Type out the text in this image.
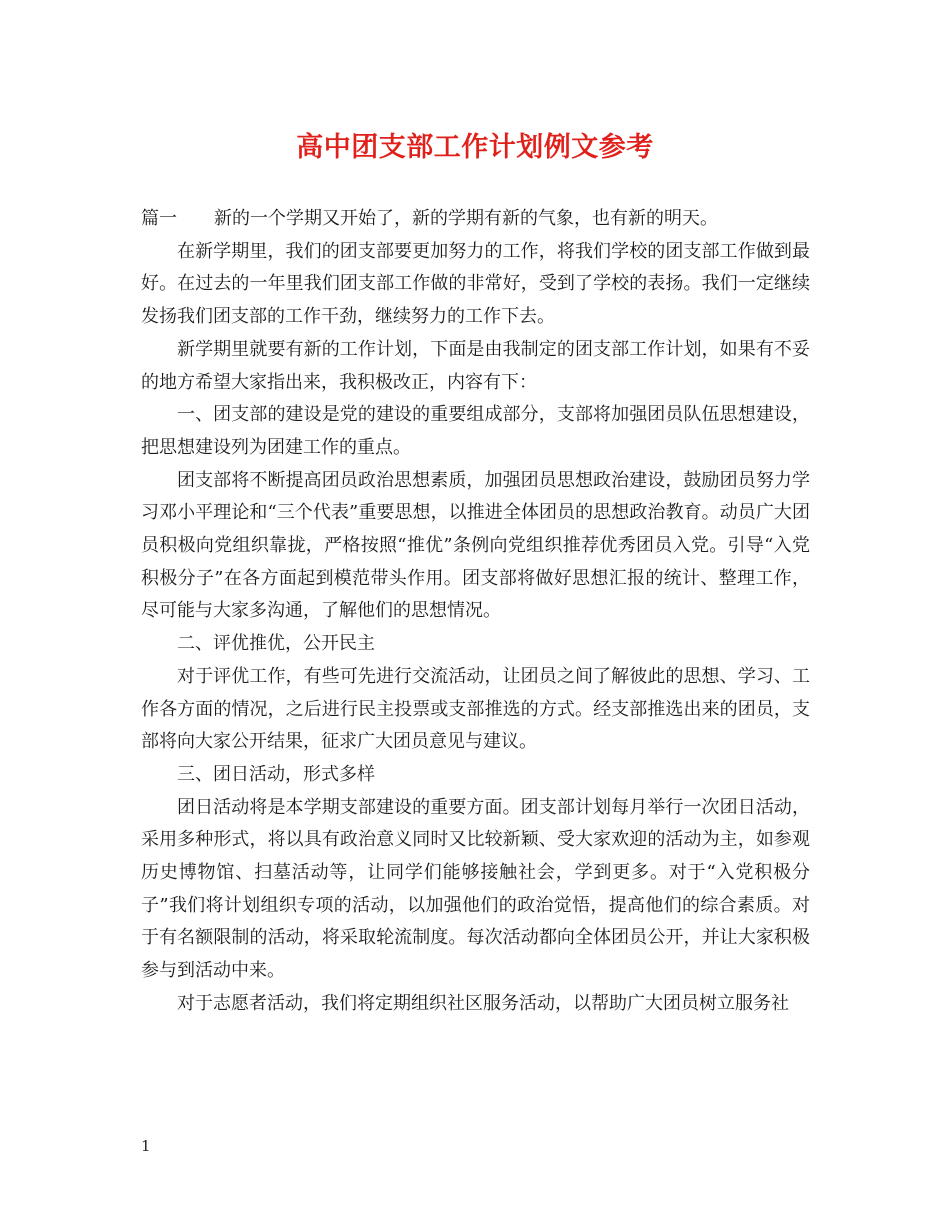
高中团支部工作计划例文参考

篇一 新的一个学期又开始了，新的学期有新的气象，也有新的明天。

在新学期里，我们的团支部要更加努力的工作，将我们学校的团支部工作做到最好。在过去的一年里我们团支部工作做的非常好，受到了学校的表扬。我们一定继续发扬我们团支部的工作干劲，继续努力的工作下去。

新学期里就要有新的工作计划，下面是由我制定的团支部工作计划，如果有不妥的地方希望大家指出来，我积极改正，内容有下：

一、团支部的建设是党的建设的重要组成部分，支部将加强团员队伍思想建设，把思想建设列为团建工作的重点。

团支部将不断提高团员政治思想素质，加强团员思想政治建设，鼓励团员努力学习邓小平理论和“三个代表”重要思想，以推进全体团员的思想政治教育。动员广大团员积极向党组织靠拢，严格按照“推优”条例向党组织推荐优秀团员入党。引导“入党积极分子”在各方面起到模范带头作用。团支部将做好思想汇报的统计、整理工作，尽可能与大家多沟通，了解他们的思想情况。

二、评优推优，公开民主

对于评优工作，有些可先进行交流活动，让团员之间了解彼此的思想、学习、工作各方面的情况，之后进行民主投票或支部推选的方式。经支部推选出来的团员，支部将向大家公开结果，征求广大团员意见与建议。

三、团日活动，形式多样

团日活动将是本学期支部建设的重要方面。团支部计划每月举行一次团日活动，采用多种形式，将以具有政治意义同时又比较新颖、受大家欢迎的活动为主，如参观历史博物馆、扫墓活动等，让同学们能够接触社会，学到更多。对于“入党积极分子”我们将计划组织专项的活动，以加强他们的政治觉悟，提高他们的综合素质。对于有名额限制的活动，将采取轮流制度。每次活动都向全体团员公开，并让大家积极参与到活动中来。

对于志愿者活动，我们将定期组织社区服务活动，以帮助广大团员树立服务社

1
